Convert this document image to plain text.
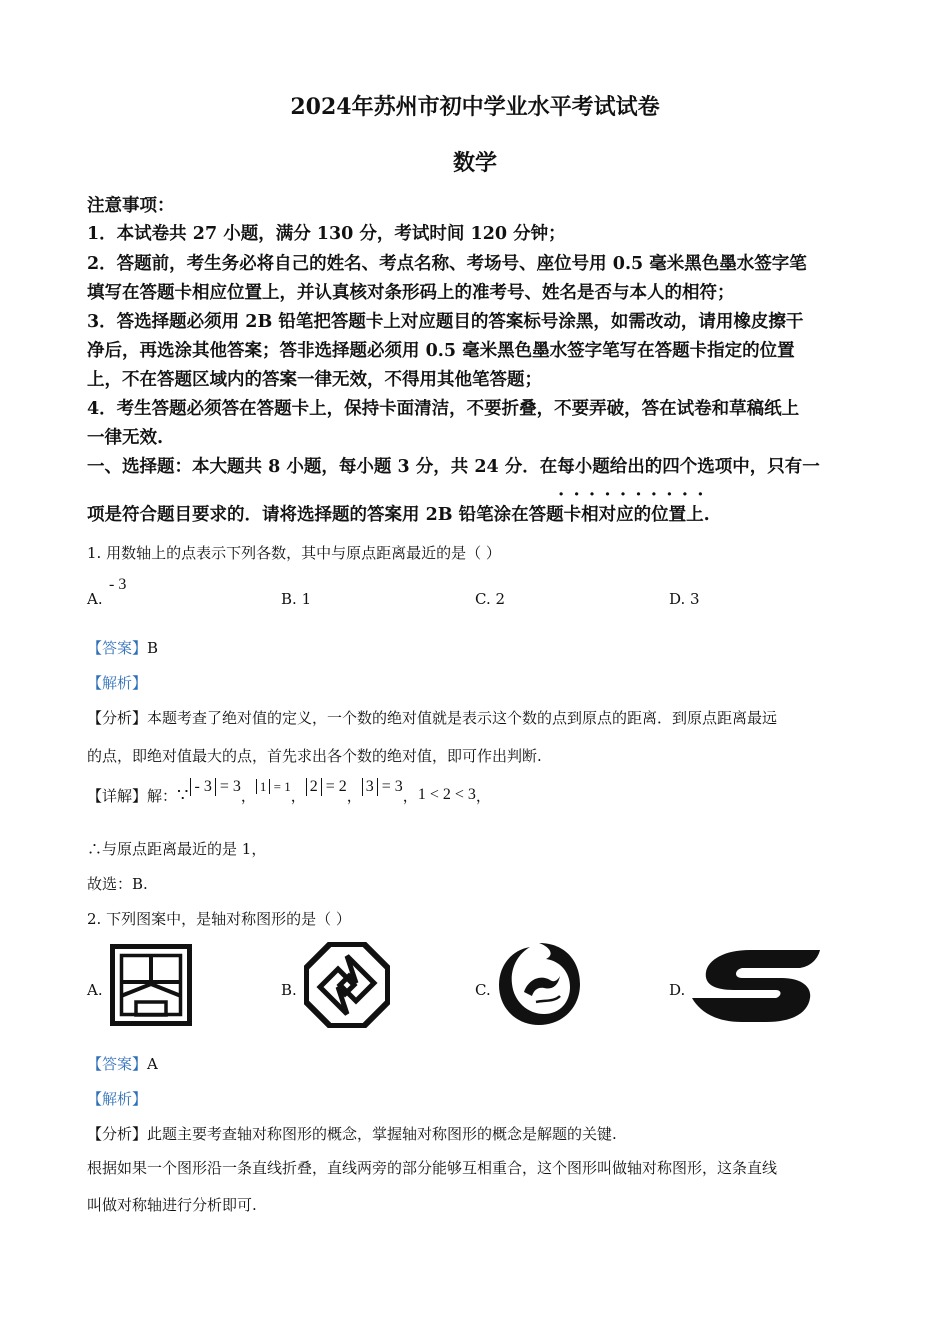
2024年苏州市初中学业水平考试试卷
数学
注意事项：
1．本试卷共 27 小题，满分 130 分，考试时间 120 分钟；
2．答题前，考生务必将自己的姓名、考点名称、考场号、座位号用 0.5 毫米黑色墨水签字笔
填写在答题卡相应位置上，并认真核对条形码上的准考号、姓名是否与本人的相符；
3．答选择题必须用 2B 铅笔把答题卡上对应题目的答案标号涂黑，如需改动，请用橡皮擦干
净后，再选涂其他答案；答非选择题必须用 0.5 毫米黑色墨水签字笔写在答题卡指定的位置
上，不在答题区域内的答案一律无效，不得用其他笔答题；
4．考生答题必须答在答题卡上，保持卡面清洁，不要折叠，不要弄破，答在试卷和草稿纸上
一律无效.
一、选择题：本大题共 8 小题，每小题 3 分，共 24 分．在每小题给出的四个选项中，只有一
··········
项是符合题目要求的．请将选择题的答案用 2B 铅笔涂在答题卡相对应的位置上.
1. 用数轴上的点表示下列各数，其中与原点距离最近的是（ ）
A.
- 3
B. 1	C. 2	D. 3
【答案】B
【解析】
【分析】本题考查了绝对值的定义，一个数的绝对值就是表示这个数的点到原点的距离．到原点距离最远
的点，即绝对值最大的点，首先求出各个数的绝对值，即可作出判断.
【详解】 解： ∵ - 3 = 3 ， 1 = 1 ， 2 = 2 ， 3 = 3 ， 1 < 2 < 3 ，
∴与原点距离最近的是 1，
故选：B.
2. 下列图案中，是轴对称图形的是（ ）
A.	B.	C.	D.
【答案】A
【解析】
【分析】此题主要考查轴对称图形的概念，掌握轴对称图形的概念是解题的关键.
根据如果一个图形沿一条直线折叠，直线两旁的部分能够互相重合，这个图形叫做轴对称图形，这条直线
叫做对称轴进行分析即可.
